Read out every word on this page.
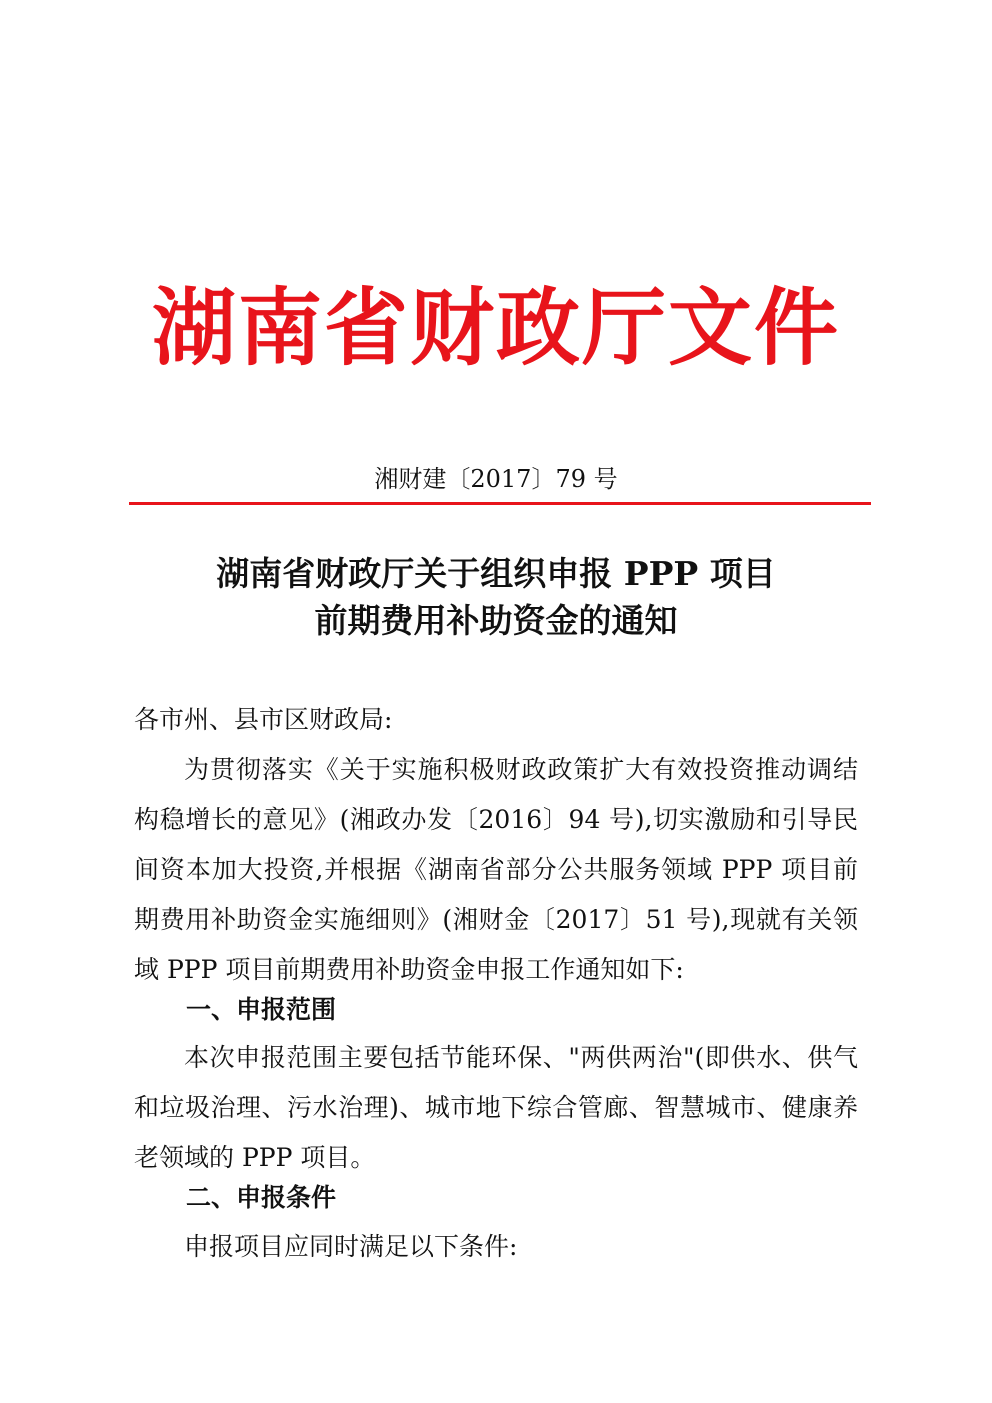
湖南省财政厅文件
湘财建〔2017〕79 号
湖南省财政厅关于组织申报 PPP 项目
前期费用补助资金的通知
各市州、县市区财政局:
为贯彻落实《关于实施积极财政政策扩大有效投资推动调结构稳增长的意见》(湘政办发〔2016〕94 号),切实激励和引导民间资本加大投资,并根据《湖南省部分公共服务领域 PPP 项目前期费用补助资金实施细则》(湘财金〔2017〕51 号),现就有关领域 PPP 项目前期费用补助资金申报工作通知如下:
一、申报范围
本次申报范围主要包括节能环保、"两供两治"(即供水、供气和垃圾治理、污水治理)、城市地下综合管廊、智慧城市、健康养老领域的 PPP 项目。
二、申报条件
申报项目应同时满足以下条件:
